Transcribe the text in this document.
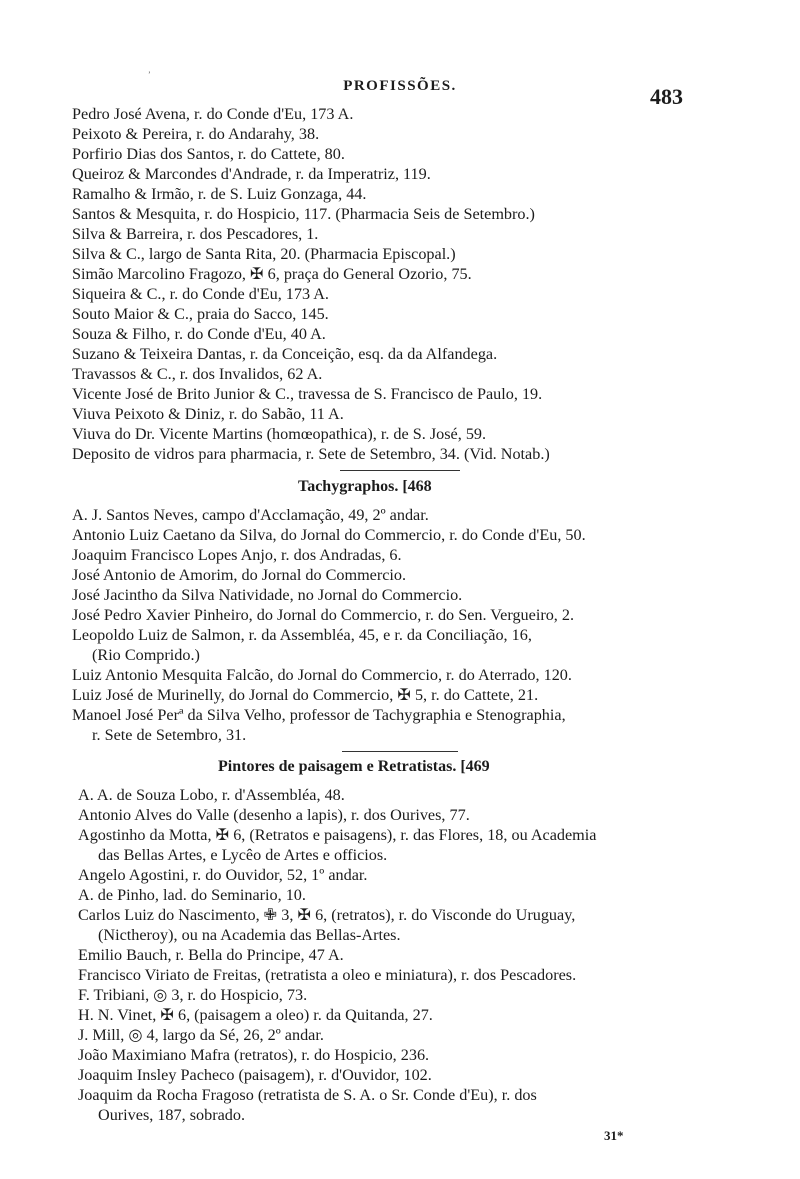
PROFISSÕES.
ʼ
483
Pedro José Avena, r. do Conde d'Eu, 173 A.
Peixoto & Pereira, r. do Andarahy, 38.
Porfirio Dias dos Santos, r. do Cattete, 80.
Queiroz & Marcondes d'Andrade, r. da Imperatriz, 119.
Ramalho & Irmão, r. de S. Luiz Gonzaga, 44.
Santos & Mesquita, r. do Hospicio, 117. (Pharmacia Seis de Setembro.)
Silva & Barreira, r. dos Pescadores, 1.
Silva & C., largo de Santa Rita, 20. (Pharmacia Episcopal.)
Simão Marcolino Fragozo, ✠ 6, praça do General Ozorio, 75.
Siqueira & C., r. do Conde d'Eu, 173 A.
Souto Maior & C., praia do Sacco, 145.
Souza & Filho, r. do Conde d'Eu, 40 A.
Suzano & Teixeira Dantas, r. da Conceição, esq. da da Alfandega.
Travassos & C., r. dos Invalidos, 62 A.
Vicente José de Brito Junior & C., travessa de S. Francisco de Paulo, 19.
Viuva Peixoto & Diniz, r. do Sabão, 11 A.
Viuva do Dr. Vicente Martins (homœopathica), r. de S. José, 59.
Deposito de vidros para pharmacia, r. Sete de Setembro, 34. (Vid. Notab.)
Tachygraphos. [468
A. J. Santos Neves, campo d'Acclamação, 49, 2º andar.
Antonio Luiz Caetano da Silva, do Jornal do Commercio, r. do Conde d'Eu, 50.
Joaquim Francisco Lopes Anjo, r. dos Andradas, 6.
José Antonio de Amorim, do Jornal do Commercio.
José Jacintho da Silva Natividade, no Jornal do Commercio.
José Pedro Xavier Pinheiro, do Jornal do Commercio, r. do Sen. Vergueiro, 2.
Leopoldo Luiz de Salmon, r. da Assembléa, 45, e r. da Conciliação, 16,
(Rio Comprido.)
Luiz Antonio Mesquita Falcão, do Jornal do Commercio, r. do Aterrado, 120.
Luiz José de Murinelly, do Jornal do Commercio, ✠ 5, r. do Cattete, 21.
Manoel José Perª da Silva Velho, professor de Tachygraphia e Stenographia,
r. Sete de Setembro, 31.
Pintores de paisagem e Retratistas. [469
A. A. de Souza Lobo, r. d'Assembléa, 48.
Antonio Alves do Valle (desenho a lapis), r. dos Ourives, 77.
Agostinho da Motta, ✠ 6, (Retratos e paisagens), r. das Flores, 18, ou Academia
das Bellas Artes, e Lycêo de Artes e officios.
Angelo Agostini, r. do Ouvidor, 52, 1º andar.
A. de Pinho, lad. do Seminario, 10.
Carlos Luiz do Nascimento, ✙ 3, ✠ 6, (retratos), r. do Visconde do Uruguay,
(Nictheroy), ou na Academia das Bellas-Artes.
Emilio Bauch, r. Bella do Principe, 47 A.
Francisco Viriato de Freitas, (retratista a oleo e miniatura), r. dos Pescadores.
F. Tribiani, ◎ 3, r. do Hospicio, 73.
H. N. Vinet, ✠ 6, (paisagem a oleo) r. da Quitanda, 27.
J. Mill, ◎ 4, largo da Sé, 26, 2º andar.
João Maximiano Mafra (retratos), r. do Hospicio, 236.
Joaquim Insley Pacheco (paisagem), r. d'Ouvidor, 102.
Joaquim da Rocha Fragoso (retratista de S. A. o Sr. Conde d'Eu), r. dos
Ourives, 187, sobrado.
31*
